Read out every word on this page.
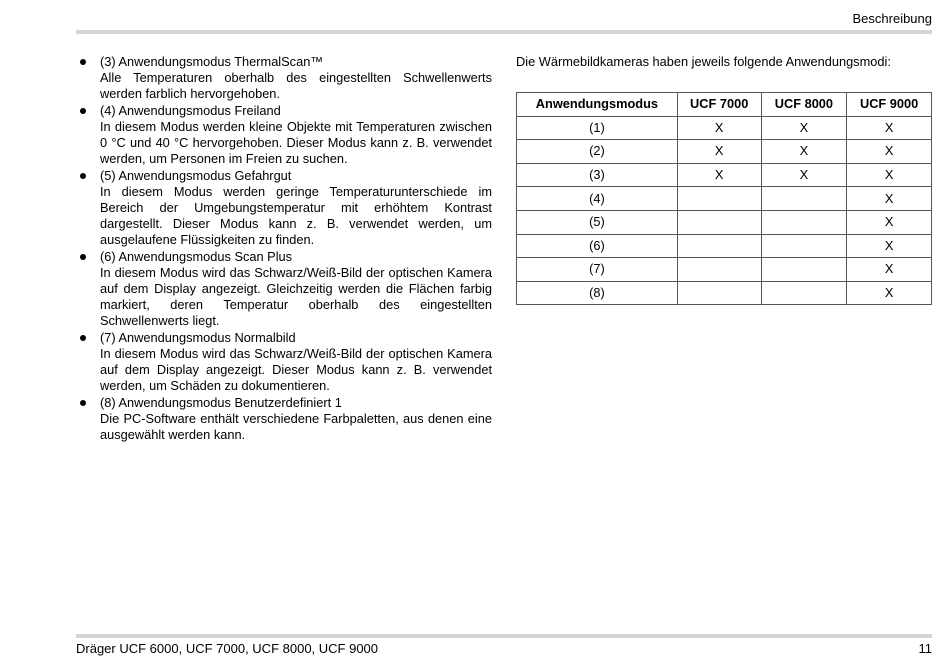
Beschreibung
(3) Anwendungsmodus ThermalScan™
Alle Temperaturen oberhalb des eingestellten Schwellenwerts werden farblich hervorgehoben.
(4) Anwendungsmodus Freiland
In diesem Modus werden kleine Objekte mit Temperaturen zwischen 0 °C und 40 °C hervorgehoben. Dieser Modus kann z. B. verwendet werden, um Personen im Freien zu suchen.
(5) Anwendungsmodus Gefahrgut
In diesem Modus werden geringe Temperaturunterschiede im Bereich der Umgebungstemperatur mit erhöhtem Kontrast dargestellt. Dieser Modus kann z. B. verwendet werden, um ausgelaufene Flüssigkeiten zu finden.
(6) Anwendungsmodus Scan Plus
In diesem Modus wird das Schwarz/Weiß-Bild der optischen Kamera auf dem Display angezeigt. Gleichzeitig werden die Flächen farbig markiert, deren Temperatur oberhalb des eingestellten Schwellenwerts liegt.
(7) Anwendungsmodus Normalbild
In diesem Modus wird das Schwarz/Weiß-Bild der optischen Kamera auf dem Display angezeigt. Dieser Modus kann z. B. verwendet werden, um Schäden zu dokumentieren.
(8) Anwendungsmodus Benutzerdefiniert 1
Die PC-Software enthält verschiedene Farbpaletten, aus denen eine ausgewählt werden kann.

Die Wärmebildkameras haben jeweils folgende Anwendungsmodi:

Anwendungsmodus	UCF 7000	UCF 8000	UCF 9000
(1)	X	X	X
(2)	X	X	X
(3)	X	X	X
(4)			X
(5)			X
(6)			X
(7)			X
(8)			X
Dräger UCF 6000, UCF 7000, UCF 8000, UCF 9000	11
